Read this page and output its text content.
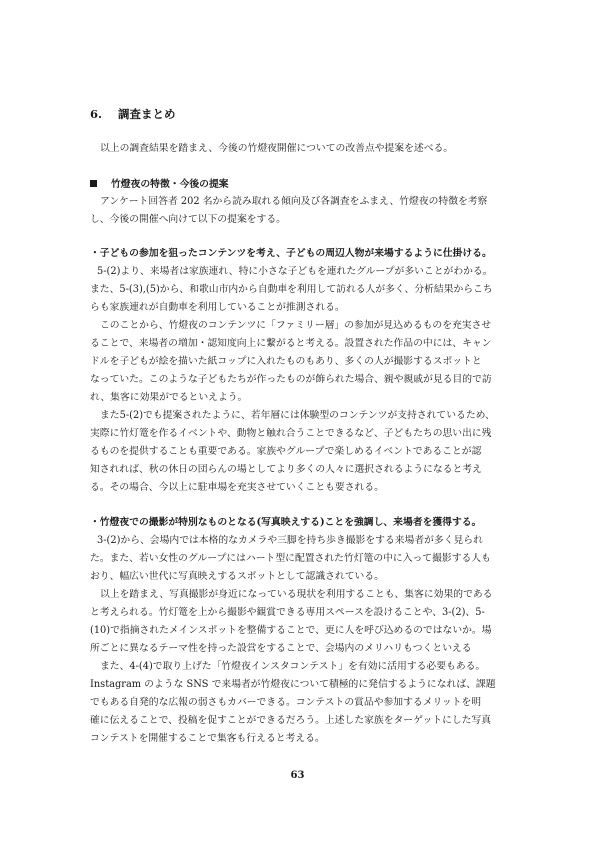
6. 調査まとめ
以上の調査結果を踏まえ、今後の竹燈夜開催についての改善点や提案を述べる。
竹燈夜の特徴・今後の提案
アンケート回答者 202 名から読み取れる傾向及び各調査をふまえ、竹燈夜の特徴を考察
し、今後の開催へ向けて以下の提案をする。
・子どもの参加を狙ったコンテンツを考え、子どもの周辺人物が来場するように仕掛ける。
5-(2)より、来場者は家族連れ、特に小さな子どもを連れたグループが多いことがわかる。
また、5-(3),(5)から、和歌山市内から自動車を利用して訪れる人が多く、分析結果からこち
らも家族連れが自動車を利用していることが推測される。
このことから、竹燈夜のコンテンツに「ファミリー層」の参加が見込めるものを充実させ
ることで、来場者の増加・認知度向上に繋がると考える。設置された作品の中には、キャン
ドルを子どもが絵を描いた紙コップに入れたものもあり、多くの人が撮影するスポットと
なっていた。このような子どもたちが作ったものが飾られた場合、親や親戚が見る目的で訪
れ、集客に効果がでるといえよう。
また5-(2)でも提案されたように、若年層には体験型のコンテンツが支持されているため、
実際に竹灯篭を作るイベントや、動物と触れ合うことできるなど、子どもたちの思い出に残
るものを提供することも重要である。家族やグループで楽しめるイベントであることが認
知されれば、秋の休日の団らんの場としてより多くの人々に選択されるようになると考え
る。その場合、今以上に駐車場を充実させていくことも要される。
・竹燈夜での撮影が特別なものとなる(写真映えする)ことを強調し、来場者を獲得する。
3-(2)から、会場内では本格的なカメラや三脚を持ち歩き撮影をする来場者が多く見られ
た。また、若い女性のグループにはハート型に配置された竹灯篭の中に入って撮影する人も
おり、幅広い世代に写真映えするスポットとして認識されている。
以上を踏まえ、写真撮影が身近になっている現状を利用することも、集客に効果的である
と考えられる。竹灯篭を上から撮影や観賞できる専用スペースを設けることや、3-(2)、5-
(10)で指摘されたメインスポットを整備することで、更に人を呼び込めるのではないか。場
所ごとに異なるテーマ性を持った設営をすることで、会場内のメリハリもつくといえる
また、4-(4)で取り上げた「竹燈夜インスタコンテスト」を有効に活用する必要もある。
Instagram のような SNS で来場者が竹燈夜について積極的に発信するようになれば、課題
でもある自発的な広報の弱さもカバーできる。コンテストの賞品や参加するメリットを明
確に伝えることで、投稿を促すことができるだろう。上述した家族をターゲットにした写真
コンテストを開催することで集客も行えると考える。
63
